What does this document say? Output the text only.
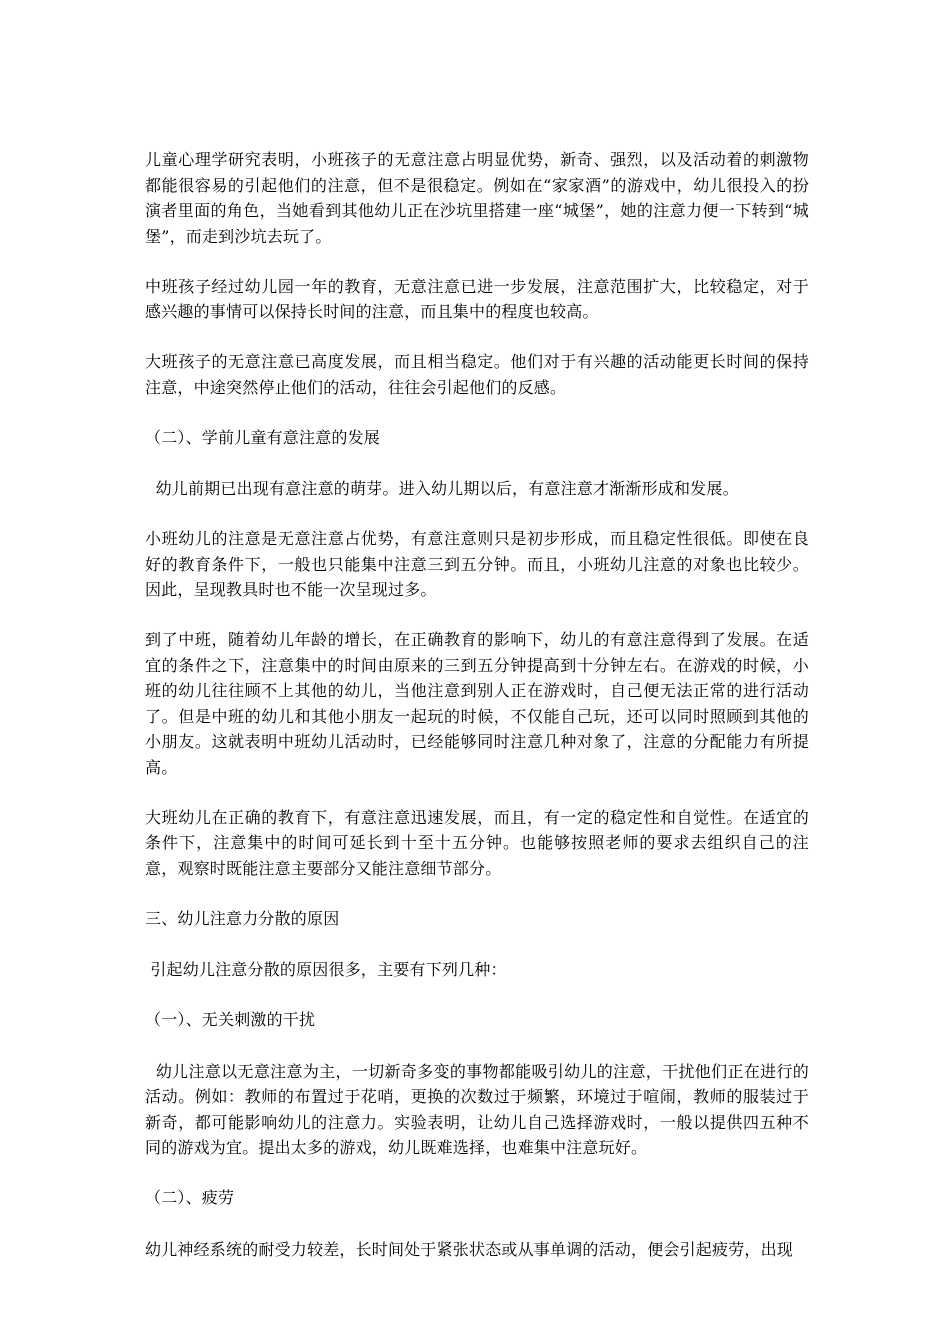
儿童心理学研究表明，小班孩子的无意注意占明显优势，新奇、强烈，以及活动着的刺激物都能很容易的引起他们的注意，但不是很稳定。例如在“家家酒”的游戏中，幼儿很投入的扮演者里面的角色，当她看到其他幼儿正在沙坑里搭建一座“城堡”，她的注意力便一下转到“城堡”，而走到沙坑去玩了。

中班孩子经过幼儿园一年的教育，无意注意已进一步发展，注意范围扩大，比较稳定，对于感兴趣的事情可以保持长时间的注意，而且集中的程度也较高。

大班孩子的无意注意已高度发展，而且相当稳定。他们对于有兴趣的活动能更长时间的保持注意，中途突然停止他们的活动，往往会引起他们的反感。

（二）、学前儿童有意注意的发展

幼儿前期已出现有意注意的萌芽。进入幼儿期以后，有意注意才渐渐形成和发展。

小班幼儿的注意是无意注意占优势，有意注意则只是初步形成，而且稳定性很低。即使在良好的教育条件下，一般也只能集中注意三到五分钟。而且，小班幼儿注意的对象也比较少。因此，呈现教具时也不能一次呈现过多。

到了中班，随着幼儿年龄的增长，在正确教育的影响下，幼儿的有意注意得到了发展。在适宜的条件之下，注意集中的时间由原来的三到五分钟提高到十分钟左右。在游戏的时候，小班的幼儿往往顾不上其他的幼儿，当他注意到别人正在游戏时，自己便无法正常的进行活动了。但是中班的幼儿和其他小朋友一起玩的时候，不仅能自己玩，还可以同时照顾到其他的小朋友。这就表明中班幼儿活动时，已经能够同时注意几种对象了，注意的分配能力有所提高。

大班幼儿在正确的教育下，有意注意迅速发展，而且，有一定的稳定性和自觉性。在适宜的条件下，注意集中的时间可延长到十至十五分钟。也能够按照老师的要求去组织自己的注意，观察时既能注意主要部分又能注意细节部分。

三、幼儿注意力分散的原因

引起幼儿注意分散的原因很多，主要有下列几种：

（一）、无关刺激的干扰

幼儿注意以无意注意为主，一切新奇多变的事物都能吸引幼儿的注意，干扰他们正在进行的活动。例如：教师的布置过于花哨，更换的次数过于频繁，环境过于喧闹，教师的服装过于新奇，都可能影响幼儿的注意力。实验表明，让幼儿自己选择游戏时，一般以提供四五种不同的游戏为宜。提出太多的游戏，幼儿既难选择，也难集中注意玩好。

（二）、疲劳

幼儿神经系统的耐受力较差，长时间处于紧张状态或从事单调的活动，便会引起疲劳，出现
